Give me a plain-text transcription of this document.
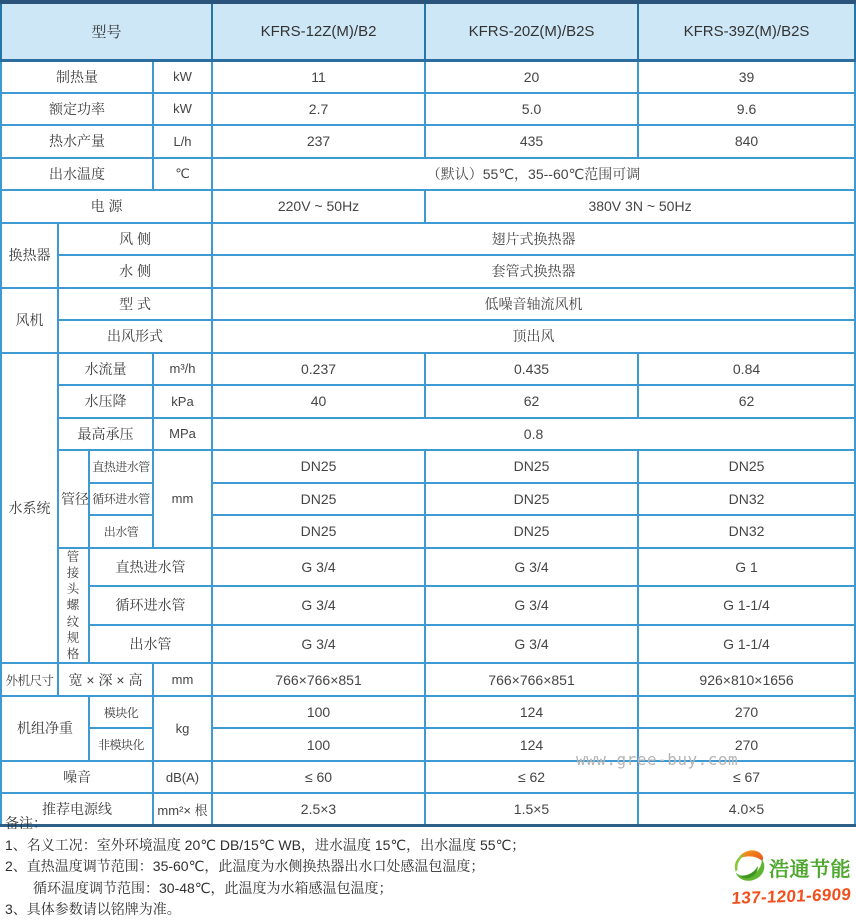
型号				KFRS-12Z(M)/B2	KFRS-20Z(M)/B2S	KFRS-39Z(M)/B2S
制热量			kW	11	20	39
额定功率			kW	2.7	5.0	9.6
热水产量			L/h	237	435	840
出水温度			℃	（默认）55℃，35--60℃范围可调		
电 源				220V ~ 50Hz	380V 3N ~ 50Hz	
换热器	风 侧			翅片式换热器		
	水 侧			套管式换热器		
风机	型 式			低噪音轴流风机		
	出风形式			顶出风		
水系统	水流量		m³/h	0.237	0.435	0.84
	水压降		kPa	40	62	62
	最高承压		MPa	0.8		
	管径	直热进水管	mm	DN25	DN25	DN25
		循环进水管		DN25	DN25	DN32
		出水管		DN25	DN25	DN32
	管接头螺纹规格	直热进水管		G 3/4	G 3/4	G 1
		循环进水管		G 3/4	G 3/4	G 1-1/4
		出水管		G 3/4	G 3/4	G 1-1/4
外机尺寸	宽 × 深 × 高		mm	766×766×851	766×766×851	926×810×1656
机组净重		模块化	kg	100	124	270
		非模块化		100	124	270
噪音			dB(A)	≤ 60	≤ 62	≤ 67
推荐电源线			mm²× 根	2.5×3	1.5×5	4.0×5
www.gree-buy.com
备注：
1、名义工况：室外环境温度 20℃ DB/15℃ WB，进水温度 15℃，出水温度 55℃；
2、直热温度调节范围：35-60℃，此温度为水侧换热器出水口处感温包温度；
循环温度调节范围：30-48℃，此温度为水箱感温包温度；
3、具体参数请以铭牌为准。
浩通节能
137-1201-6909
